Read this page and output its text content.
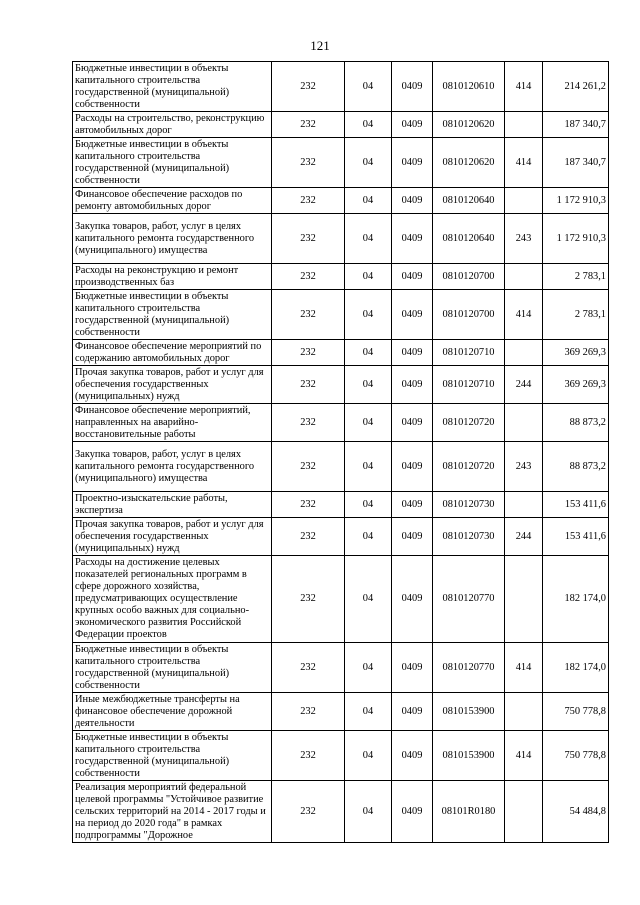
121
Бюджетные инвестиции в объекты капитального строительства государственной (муниципальной) собственности	232	04	0409	0810120610	414	214 261,2
Расходы на строительство, реконструкцию автомобильных дорог	232	04	0409	0810120620		187 340,7
Бюджетные инвестиции в объекты капитального строительства государственной (муниципальной) собственности	232	04	0409	0810120620	414	187 340,7
Финансовое обеспечение расходов по ремонту автомобильных дорог	232	04	0409	0810120640		1 172 910,3
Закупка товаров, работ, услуг в целях капитального ремонта государственного (муниципального) имущества	232	04	0409	0810120640	243	1 172 910,3
Расходы на реконструкцию и ремонт производственных баз	232	04	0409	0810120700		2 783,1
Бюджетные инвестиции в объекты капитального строительства государственной (муниципальной) собственности	232	04	0409	0810120700	414	2 783,1
Финансовое обеспечение мероприятий по содержанию автомобильных дорог	232	04	0409	0810120710		369 269,3
Прочая закупка товаров, работ и услуг для обеспечения государственных (муниципальных) нужд	232	04	0409	0810120710	244	369 269,3
Финансовое обеспечение мероприятий, направленных на аварийно-восстановительные работы	232	04	0409	0810120720		88 873,2
Закупка товаров, работ, услуг в целях капитального ремонта государственного (муниципального) имущества	232	04	0409	0810120720	243	88 873,2
Проектно-изыскательские работы, экспертиза	232	04	0409	0810120730		153 411,6
Прочая закупка товаров, работ и услуг для обеспечения государственных (муниципальных) нужд	232	04	0409	0810120730	244	153 411,6
Расходы на достижение целевых показателей региональных программ в сфере дорожного хозяйства, предусматривающих осуществление крупных особо важных для социально-экономического развития Российской Федерации проектов	232	04	0409	0810120770		182 174,0
Бюджетные инвестиции в объекты капитального строительства государственной (муниципальной) собственности	232	04	0409	0810120770	414	182 174,0
Иные межбюджетные трансферты на финансовое обеспечение дорожной деятельности	232	04	0409	0810153900		750 778,8
Бюджетные инвестиции в объекты капитального строительства государственной (муниципальной) собственности	232	04	0409	0810153900	414	750 778,8
Реализация мероприятий федеральной целевой программы "Устойчивое развитие сельских территорий на 2014 - 2017 годы и на период до 2020 года" в рамках подпрограммы "Дорожное	232	04	0409	08101R0180		54 484,8
